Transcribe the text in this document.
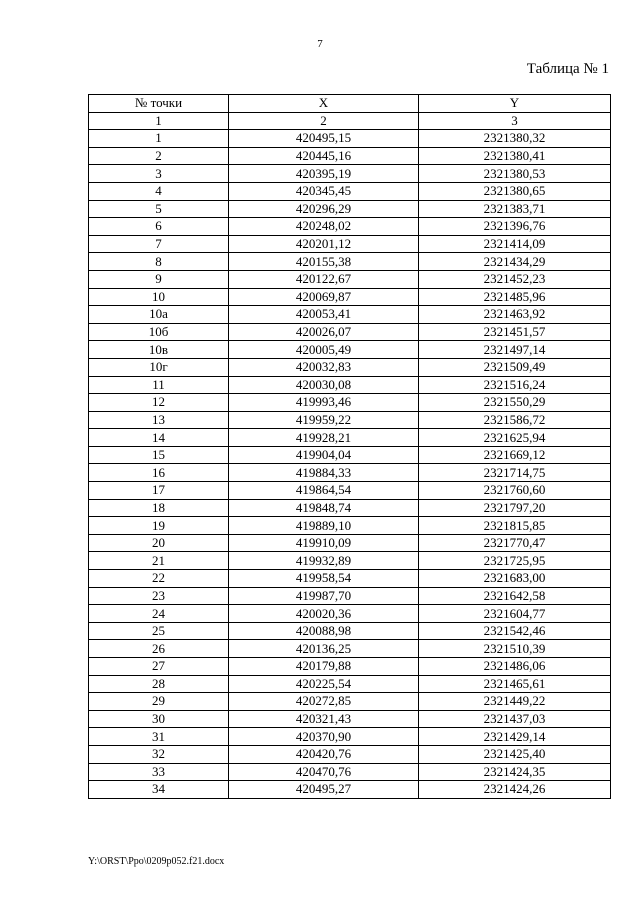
7
Таблица № 1
№ точки	X	Y
1	2	3
1	420495,15	2321380,32
2	420445,16	2321380,41
3	420395,19	2321380,53
4	420345,45	2321380,65
5	420296,29	2321383,71
6	420248,02	2321396,76
7	420201,12	2321414,09
8	420155,38	2321434,29
9	420122,67	2321452,23
10	420069,87	2321485,96
10а	420053,41	2321463,92
10б	420026,07	2321451,57
10в	420005,49	2321497,14
10г	420032,83	2321509,49
11	420030,08	2321516,24
12	419993,46	2321550,29
13	419959,22	2321586,72
14	419928,21	2321625,94
15	419904,04	2321669,12
16	419884,33	2321714,75
17	419864,54	2321760,60
18	419848,74	2321797,20
19	419889,10	2321815,85
20	419910,09	2321770,47
21	419932,89	2321725,95
22	419958,54	2321683,00
23	419987,70	2321642,58
24	420020,36	2321604,77
25	420088,98	2321542,46
26	420136,25	2321510,39
27	420179,88	2321486,06
28	420225,54	2321465,61
29	420272,85	2321449,22
30	420321,43	2321437,03
31	420370,90	2321429,14
32	420420,76	2321425,40
33	420470,76	2321424,35
34	420495,27	2321424,26
Y:\ORST\Ppo\0209p052.f21.docx
